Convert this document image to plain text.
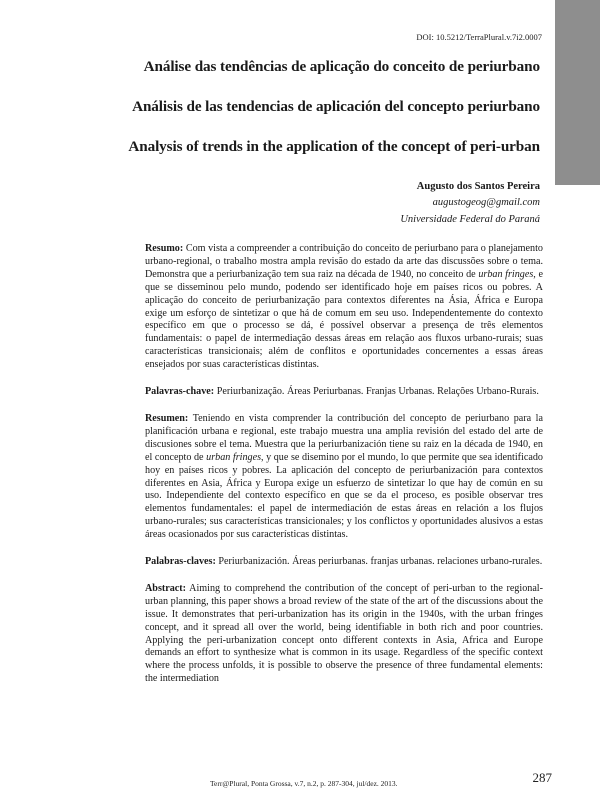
DOI: 10.5212/TerraPlural.v.7i2.0007
Análise das tendências de aplicação do conceito de periurbano
Análisis de las tendencias de aplicación del concepto periurbano
Analysis of trends in the application of the concept of peri-urban
Augusto dos Santos Pereira
augustogeog@gmail.com
Universidade Federal do Paraná

Resumo: Com vista a compreender a contribuição do conceito de periurbano para o planejamento urbano-regional, o trabalho mostra ampla revisão do estado da arte das discussões sobre o tema. Demonstra que a periurbanização tem sua raiz na década de 1940, no conceito de urban fringes, e que se disseminou pelo mundo, podendo ser identificado hoje em países ricos ou pobres. A aplicação do conceito de periurbanização para contextos diferentes na Ásia, África e Europa exige um esforço de sintetizar o que há de comum em seu uso. Independentemente do contexto específico em que o processo se dá, é possível observar a presença de três elementos fundamentais: o papel de intermediação dessas áreas em relação aos fluxos urbano-rurais; suas características transicionais; além de conflitos e oportunidades concernentes a essas áreas ensejados por suas características distintas.

Palavras-chave: Periurbanização. Áreas Periurbanas. Franjas Urbanas. Relações Urbano-Rurais.

Resumen: Teniendo en vista comprender la contribución del concepto de periurbano para la planificación urbana e regional, este trabajo muestra una amplia revisión del estado del arte de discusiones sobre el tema. Muestra que la periurbanización tiene su raiz en la década de 1940, en el concepto de urban fringes, y que se disemino por el mundo, lo que permite que sea identificado hoy en países ricos y pobres. La aplicación del concepto de periurbanización para contextos diferentes en Asia, África y Europa exige un esfuerzo de sintetizar lo que hay de común en su uso. Independiente del contexto específico en que se da el proceso, es posible observar tres elementos fundamentales: el papel de intermediación de estas áreas en relación a los flujos urbano-rurales; sus características transicionales; y los conflictos y oportunidades alusivos a estas áreas ocasionados por sus características distintas.

Palabras-claves: Periurbanización. Áreas periurbanas. franjas urbanas. relaciones urbano-rurales.

Abstract: Aiming to comprehend the contribution of the concept of peri-urban to the regional-urban planning, this paper shows a broad review of the state of the art of the discussions about the issue. It demonstrates that peri-urbanization has its origin in the 1940s, with the urban fringes concept, and it spread all over the world, being identifiable in both rich and poor countries. Applying the peri-urbanization concept onto different contexts in Asia, Africa and Europe demands an effort to synthesize what is common in its usage. Regardless of the specific context where the process unfolds, it is possible to observe the presence of three fundamental elements: the intermediation

Terr@Plural, Ponta Grossa, v.7, n.2, p. 287-304, jul/dez. 2013.	287
